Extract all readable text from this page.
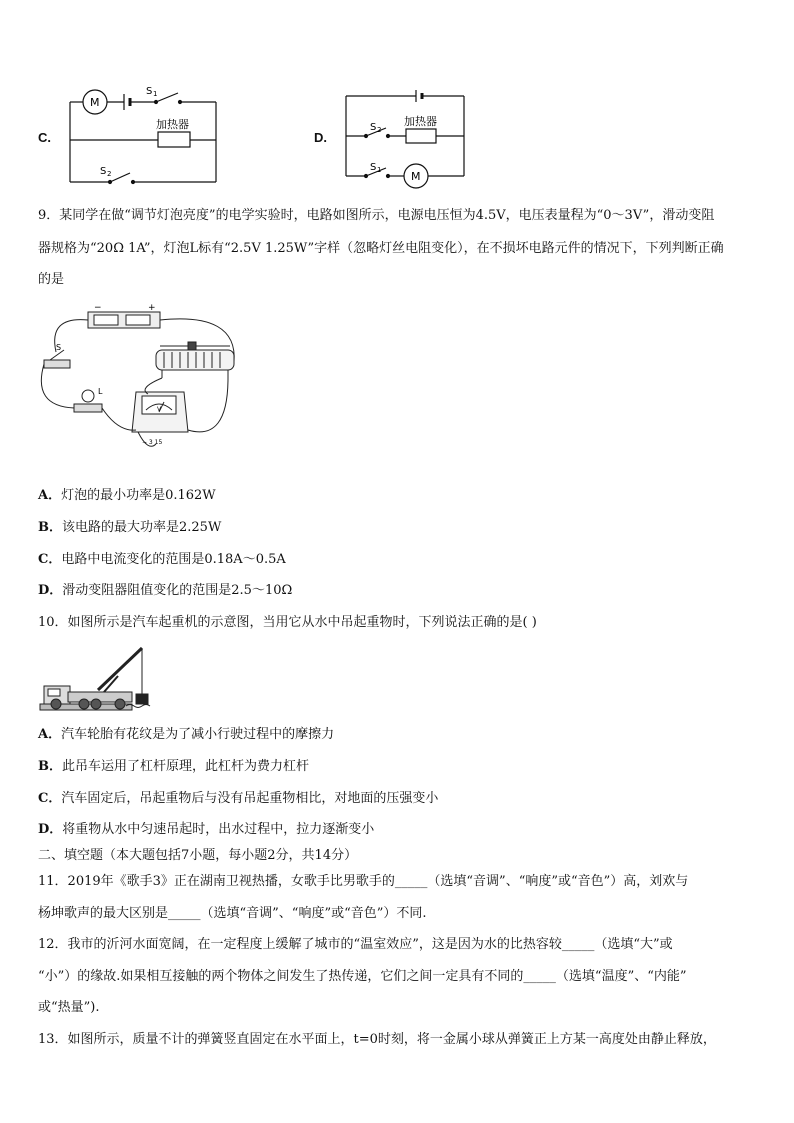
C.
M
S 1
加热器
S 2
D.
加热器
S 2
S 1	M
9．某同学在做“调节灯泡亮度”的电学实验时，电路如图所示，电源电压恒为4.5V，电压表量程为“0～3V”，滑动变阻
器规格为“20Ω 1A”，灯泡L标有“2.5V 1.25W”字样（忽略灯丝电阻变化），在不损坏电路元件的情况下，下列判断正确
的是
−	+
S
L
V
− 3 15
A．灯泡的最小功率是0.162W
B．该电路的最大功率是2.25W
C．电路中电流变化的范围是0.18A～0.5A
D．滑动变阻器阻值变化的范围是2.5～10Ω
10．如图所示是汽车起重机的示意图，当用它从水中吊起重物时，下列说法正确的是( )
A．汽车轮胎有花纹是为了减小行驶过程中的摩擦力
B．此吊车运用了杠杆原理，此杠杆为费力杠杆
C．汽车固定后，吊起重物后与没有吊起重物相比，对地面的压强变小
D．将重物从水中匀速吊起时，出水过程中，拉力逐渐变小
二、填空题（本大题包括7小题，每小题2分，共14分）
11．2019年《歌手3》正在湖南卫视热播，女歌手比男歌手的_____（选填“音调”、“响度”或“音色”）高，刘欢与
杨坤歌声的最大区别是_____（选填“音调”、“响度”或“音色”）不同.
12．我市的沂河水面宽阔，在一定程度上缓解了城市的“温室效应”，这是因为水的比热容较_____（选填“大”或
“小”）的缘故.如果相互接触的两个物体之间发生了热传递，它们之间一定具有不同的_____（选填“温度”、“内能”
或“热量”).
13．如图所示，质量不计的弹簧竖直固定在水平面上，t=0时刻，将一金属小球从弹簧正上方某一高度处由静止释放，
